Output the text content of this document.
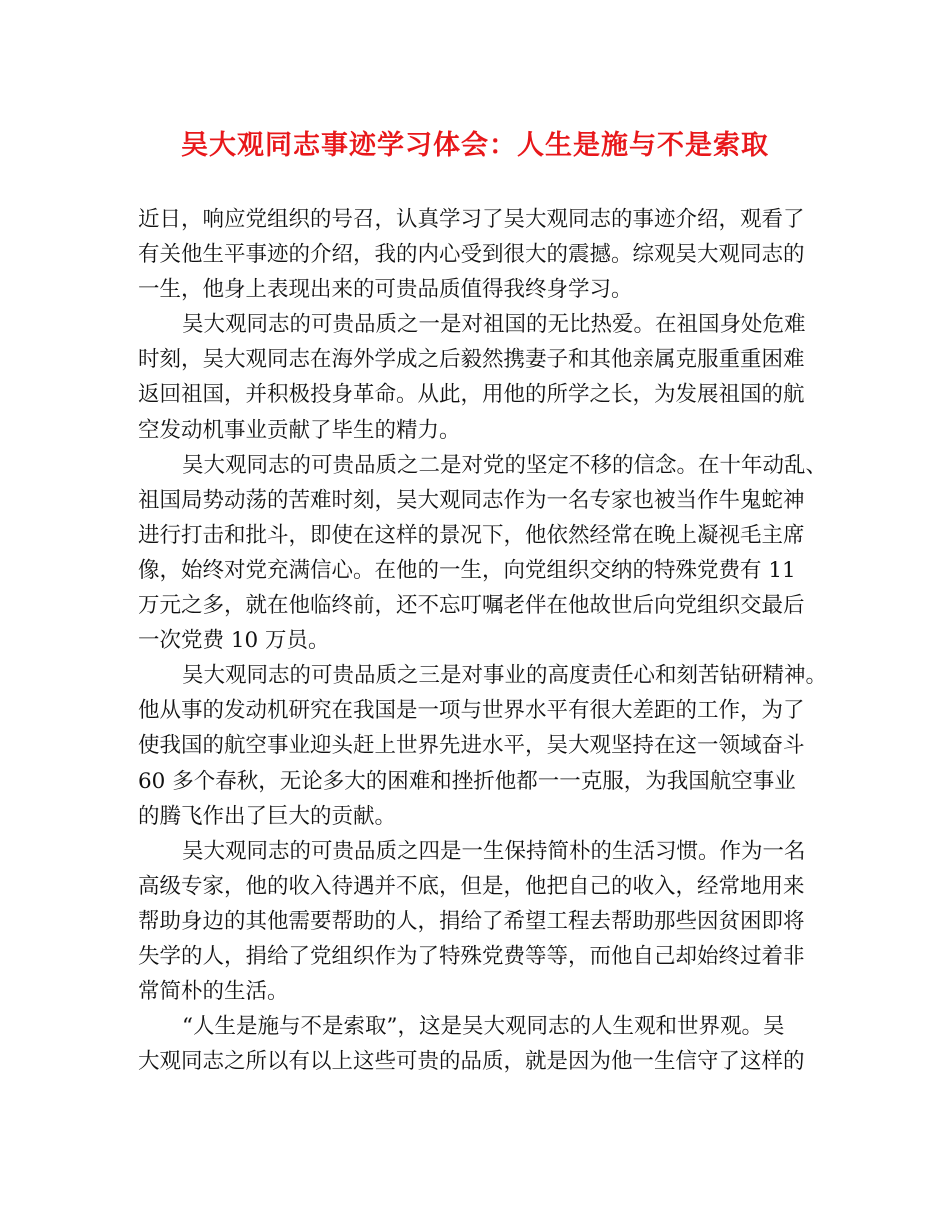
吴大观同志事迹学习体会：人生是施与不是索取
近日，响应党组织的号召，认真学习了吴大观同志的事迹介绍，观看了
有关他生平事迹的介绍，我的内心受到很大的震撼。综观吴大观同志的
一生，他身上表现出来的可贵品质值得我终身学习。
吴大观同志的可贵品质之一是对祖国的无比热爱。在祖国身处危难
时刻，吴大观同志在海外学成之后毅然携妻子和其他亲属克服重重困难
返回祖国，并积极投身革命。从此，用他的所学之长，为发展祖国的航
空发动机事业贡献了毕生的精力。
吴大观同志的可贵品质之二是对党的坚定不移的信念。在十年动乱、
祖国局势动荡的苦难时刻，吴大观同志作为一名专家也被当作牛鬼蛇神
进行打击和批斗，即使在这样的景况下，他依然经常在晚上凝视毛主席
像，始终对党充满信心。在他的一生，向党组织交纳的特殊党费有 11
万元之多，就在他临终前，还不忘叮嘱老伴在他故世后向党组织交最后
一次党费 10 万员。
吴大观同志的可贵品质之三是对事业的高度责任心和刻苦钻研精神。
他从事的发动机研究在我国是一项与世界水平有很大差距的工作，为了
使我国的航空事业迎头赶上世界先进水平，吴大观坚持在这一领域奋斗
60 多个春秋，无论多大的困难和挫折他都一一克服，为我国航空事业
的腾飞作出了巨大的贡献。
吴大观同志的可贵品质之四是一生保持简朴的生活习惯。作为一名
高级专家，他的收入待遇并不底，但是，他把自己的收入，经常地用来
帮助身边的其他需要帮助的人，捐给了希望工程去帮助那些因贫困即将
失学的人，捐给了党组织作为了特殊党费等等，而他自己却始终过着非
常简朴的生活。
“人生是施与不是索取”，这是吴大观同志的人生观和世界观。吴
大观同志之所以有以上这些可贵的品质，就是因为他一生信守了这样的
